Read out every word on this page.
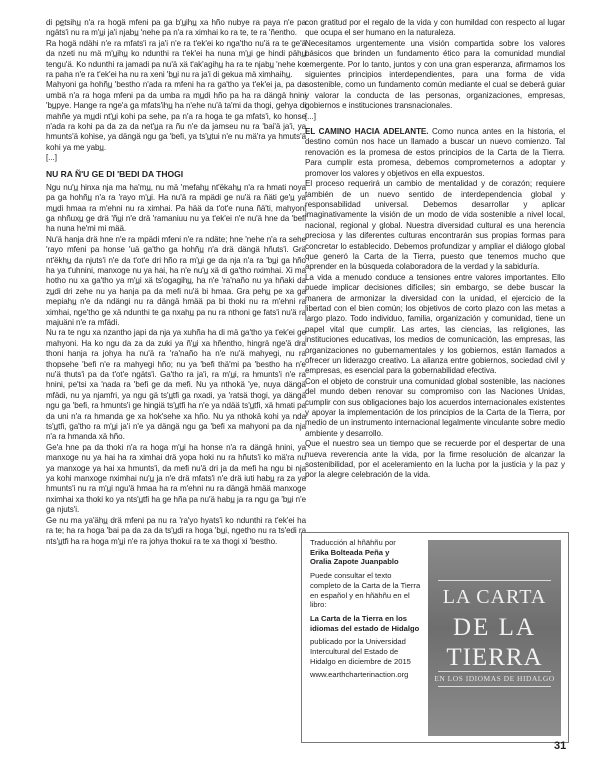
di pe̲tsihu̲ n'a ra hogä mfeni pa ga b'u̲ihu̲ xa hño nubye ra paya n'e pa ngäts'i nu ra m'u̲i ja'i njabu̲ 'nehe pa n'a ra ximhai ko ra te, te ra 'ñentho.

Ra hogä ndähi n'e ra mfats'i ra ja'i n'e ra t'ek'ei ko nga'tho nu'ä ra te ge'ä da nzeti nu mä m'u̲ihu̲ ko ndunthi ra t'ek'ei ha nuna m'u̲i ge hindi pähu̲ tengu'ä. Ko ndunthi ra jamadi pa nu'ä xä t'ak'agihu̲ ha ra te njabu̲ 'nehe ko ra paha n'e ra t'ek'ei ha nu ra xeni 'bu̲i nu ra ja'i di gekua mä ximhaihu̲.

Mahyoni ga hohñu̲ 'bestho n'ada ra mfeni ha ra ga'tho ya t'ek'ei ja, pa da umbä n'a ra hoga mfeni pa da umba ra mu̲di hño pa ha ra dängä hnini 'bu̲pye. Hange ra nge'a ga mfats'ihu̲ ha n'ehe nu'ä ta'mi da thogi, gehya di mahñe ya mu̲di nt'u̲i kohi pa sehe, pa n'a ra hoga te ga mfats'i, ko honse n'ada ra kohi pa da za da net'u̲a ra ñu n'e da jamseu nu ra 'bai'ä ja'i, ya hmunts'ä kohise, ya dängä ngu ga 'befi, ya ts'u̲tui n'e nu mä'ra ya hmuts'ä kohi ya me yabu̲.

[...]

NU RA Ñ'U GE DI 'BEDI DA THOGI

Ngu nu'u̲ hinxa nja ma ha'mu̲, nu mä 'mefahu̲ nt'ëkahu̲ n'a ra hmati noya pa ga hohñu̲ n'a ra 'rayo m'u̲i. Ha nu'ä ra mpädi ge nu'ä ra ñäti ge'u̲ ya mu̲di hmaa ra m'ehni nu ra ximhai. Pa hää da t'ot'e nuna ñä'ti, mahyoni ga nhñuxu̲ ge drä 'ñu̲i n'e drä 'ramaniuu nu ya t'ek'ei n'e nu'ä hne da 'befi ha nuna he'mi mi mää.

Nu'ä hanja drä hne n'e ra mpädi mfeni n'e ra ndäte; hne 'nehe n'a ra sehe 'rayo mfeni pa honse 'uä ga'tho ga hohñu̲ n'a drä dängä hñuts'i. Grä nt'ëkhu̲ da njuts'i n'e da t'ot'e dri hño ra m'u̲i ge da nja n'a ra 'bu̲i ga hño ha ya t'uhnini, manxoge nu ya hai, ha n'e nu'u̲ xä di ga'tho nximhai. Xi ma hotho nu xa ga'tho ya m'u̲i xä ts'ogagihu̲, ha n'e 'ra'naño nu ya hñaki da zu̲di dri zehe nu ya hanja pa da mefi nu'ä bi hmaa. Gra pehu̲ pe xa ga mepiahu̲ n'e da ndängi nu ra dängä hmää pa bi thoki nu ra m'ehni ra ximhai, nge'tho ge xä ndunthi te ga nxahu̲ pa nu ra nthoni ge fats'i nu'ä ra majuäni n'e ra mfädi.

Nu ra te ngu xa nzantho japi da nja ya xuhña ha di mä ga'tho ya t'ek'ei ge mahyoni. Ha ko ngu da za da zuki ya ñ'u̲i xa hñentho, hingrä nge'ä dra thoni hanja ra johya ha nu'ä ra 'ra'naño ha n'e nu'ä mahyegi, nu ra thopsehe 'befi n'e ra mahyegi hño; nu ya 'befi thä'mi pa 'bestho ha n'e nu'ä thuts'i pa da t'ot'e ngäts'i. Ga'tho ra ja'i, ra m'u̲i, ra hmunts'i n'e ra hnini, pe'tsi xa 'nada ra 'befi ge da mefi. Nu ya nthokä 'ye, nuya dängä mfädi, nu ya njamfri, ya ngu gä ts'u̲tfi ga nxadi, ya 'ratsä thogi, ya dängä ngu ga 'befi, ra hmunts'i ge hingiä ts'u̲tfi ha n'e ya ndää ts'u̲tfi, xä hmati pa da uni n'a ra hmanda ge xa hok'sehe xa hño. Nu ya nthokä kohi ya nda ts'u̲tfi, ga'tho ra m'u̲i ja'i n'e ya dängä ngu ga 'befi xa mahyoni pa da nja n'a ra hmanda xä hño.

Ge'a hne pa da thoki n'a ra hoga m'u̲i ha honse n'a ra dängä hnini, ya manxoge nu ya hai ha ra ximhai drä yopa hoki nu ra hñuts'i ko mä'ra nu ya manxoge ya hai xa hmunts'i, da mefi nu'ä dri ja da mefi ha ngu bi nja ya kohi manxoge nximhai nu'u̲ ja n'e drä mfats'i n'e drä iuti habu̲ ra za ya hmunts'i nu ra m'u̲i ngu'ä hmaa ha ra m'ehni nu ra dängä hmää manxoge nximhai xa thoki ko ya nts'u̲tfi ha ge hña pa nu'ä habu̲ ja ra ngu ga 'bu̲i n'e ga njuts'i.

Ge nu ma ya'ähu̲ drä mfeni pa nu ra 'ra'yo hyats'i ko ndunthi ra t'ek'ei ha ra te; ha ra hoga 'bai pa da za da ts'u̲di ra hoga 'bu̲i, ngetho nu ra ts'edi ra nts'u̲tfi ha ra hoga m'u̲i n'e ra johya thokui ra te xa thogi xi 'bestho.

con gratitud por el regalo de la vida y con humildad con respecto al lugar que ocupa el ser humano en la naturaleza.

Necesitamos urgentemente una visión compartida sobre los valores básicos que brinden un fundamento ético para la comunidad mundial emergente. Por lo tanto, juntos y con una gran esperanza, afirmamos los siguientes principios interdependientes, para una forma de vida sostenible, como un fundamento común mediante el cual se deberá guiar y valorar la conducta de las personas, organizaciones, empresas, gobiernos e instituciones transnacionales.

[...]

EL CAMINO HACIA ADELANTE. Como nunca antes en la historia, el destino común nos hace un llamado a buscar un nuevo comienzo. Tal renovación es la promesa de estos principios de la Carta de la Tierra. Para cumplir esta promesa, debemos comprometernos a adoptar y promover los valores y objetivos en ella expuestos.

El proceso requerirá un cambio de mentalidad y de corazón; requiere también de un nuevo sentido de interdependencia global y responsabilidad universal. Debemos desarrollar y aplicar imaginativamente la visión de un modo de vida sostenible a nivel local, nacional, regional y global. Nuestra diversidad cultural es una herencia preciosa y las diferentes culturas encontrarán sus propias formas para concretar lo establecido. Debemos profundizar y ampliar el diálogo global que generó la Carta de la Tierra, puesto que tenemos mucho que aprender en la búsqueda colaboradora de la verdad y la sabiduría.

La vida a menudo conduce a tensiones entre valores importantes. Ello puede implicar decisiones difíciles; sin embargo, se debe buscar la manera de armonizar la diversidad con la unidad, el ejercicio de la libertad con el bien común; los objetivos de corto plazo con las metas a largo plazo. Todo individuo, familia, organización y comunidad, tiene un papel vital que cumplir. Las artes, las ciencias, las religiones, las instituciones educativas, los medios de comunicación, las empresas, las organizaciones no gubernamentales y los gobiernos, están llamados a ofrecer un liderazgo creativo. La alianza entre gobiernos, sociedad civil y empresas, es esencial para la gobernabilidad efectiva.

Con el objeto de construir una comunidad global sostenible, las naciones del mundo deben renovar su compromiso con las Naciones Unidas, cumplir con sus obligaciones bajo los acuerdos internacionales existentes y apoyar la implementación de los principios de la Carta de la Tierra, por medio de un instrumento internacional legalmente vinculante sobre medio ambiente y desarrollo.

Que el nuestro sea un tiempo que se recuerde por el despertar de una nueva reverencia ante la vida, por la firme resolución de alcanzar la sostenibilidad, por el aceleramiento en la lucha por la justicia y la paz y por la alegre celebración de la vida.

Traducción al hñähñu por
Erika Bolteada Peña y
Oralia Zapote Juanpablo
Puede consultar el texto completo de la Carta de la Tierra en español y en hñähñu en el libro:
La Carta de la Tierra en los idiomas del estado de Hidalgo
publicado por la Universidad Intercultural del Estado de Hidalgo en diciembre de 2015
www.earthcharterinaction.org
LA CARTA
DE LA
TIERRA
EN LOS IDIOMAS DE HIDALGO
31
